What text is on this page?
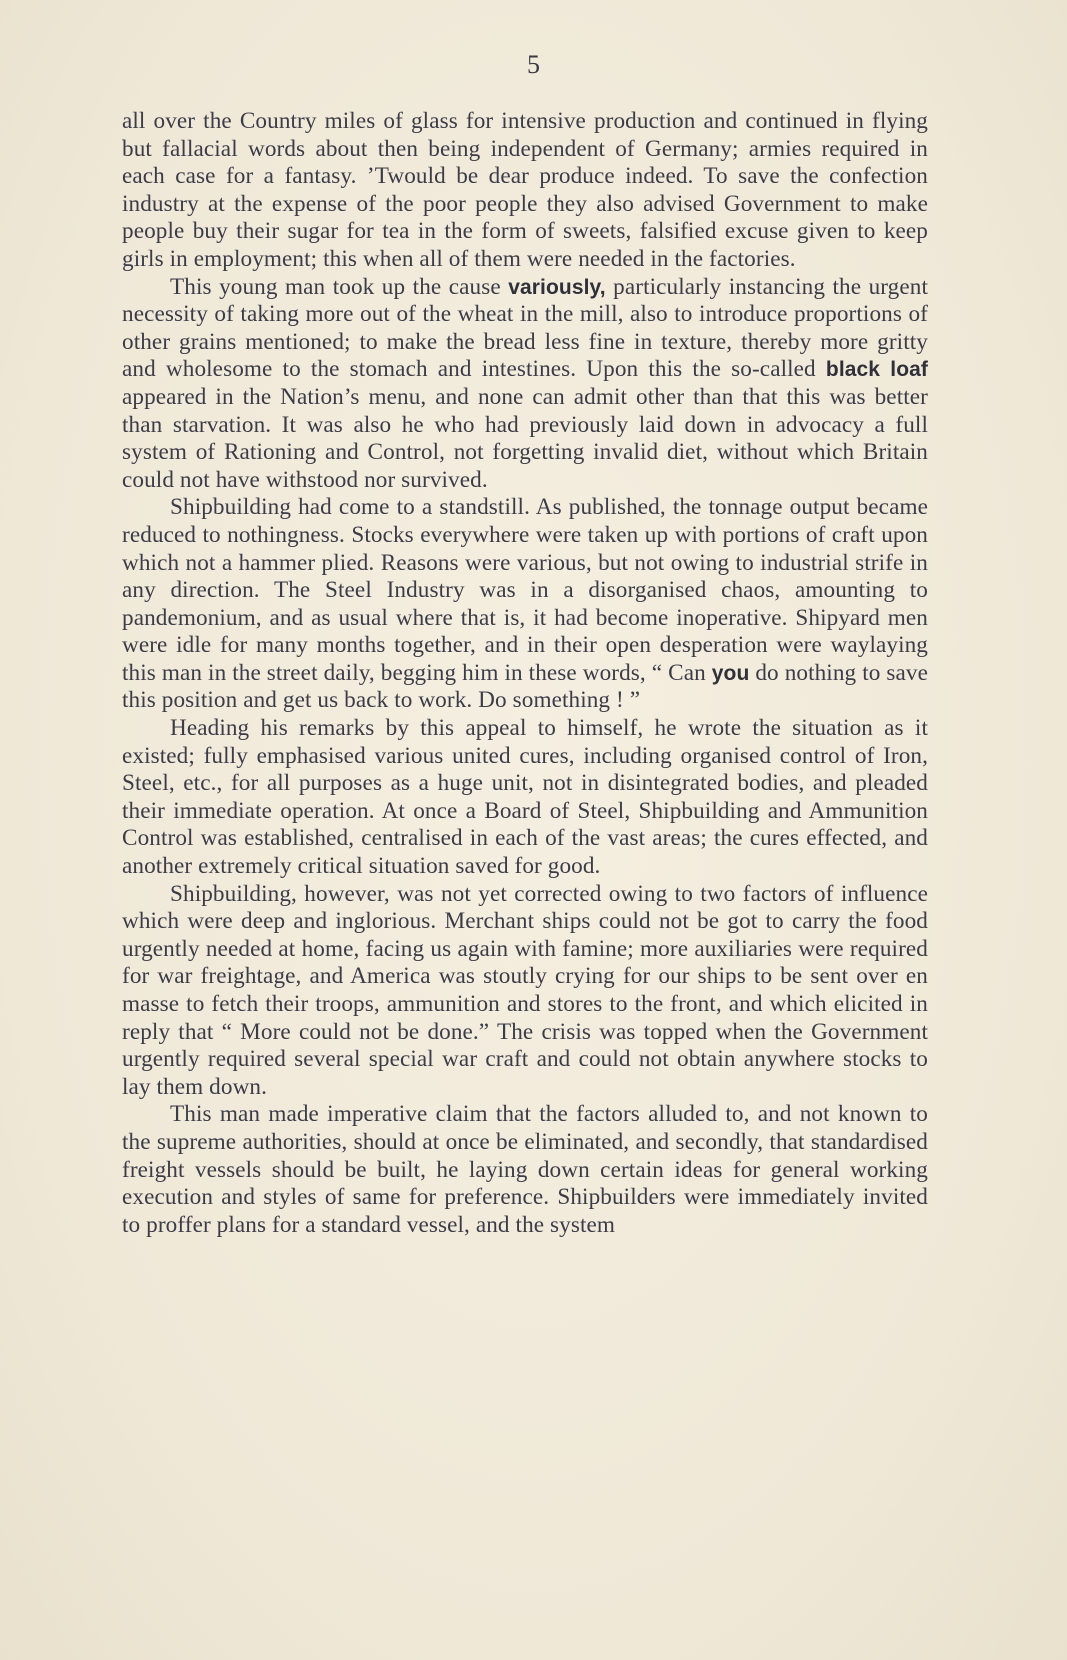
5

all over the Country miles of glass for intensive production and continued in flying but fallacial words about then being independent of Germany; armies required in each case for a fantasy. ’Twould be dear produce indeed. To save the confection industry at the expense of the poor people they also advised Government to make people buy their sugar for tea in the form of sweets, falsified excuse given to keep girls in employment; this when all of them were needed in the factories.

This young man took up the cause variously, particularly instancing the urgent necessity of taking more out of the wheat in the mill, also to introduce proportions of other grains mentioned; to make the bread less fine in texture, thereby more gritty and wholesome to the stomach and intestines. Upon this the so-called black loaf appeared in the Nation’s menu, and none can admit other than that this was better than starvation. It was also he who had previously laid down in advocacy a full system of Rationing and Control, not forgetting invalid diet, without which Britain could not have withstood nor survived.

Shipbuilding had come to a standstill. As published, the tonnage output became reduced to nothingness. Stocks everywhere were taken up with portions of craft upon which not a hammer plied. Reasons were various, but not owing to industrial strife in any direction. The Steel Industry was in a disorganised chaos, amounting to pandemonium, and as usual where that is, it had become inoperative. Shipyard men were idle for many months together, and in their open desperation were waylaying this man in the street daily, begging him in these words, “ Can you do nothing to save this position and get us back to work. Do something ! ”

Heading his remarks by this appeal to himself, he wrote the situation as it existed; fully emphasised various united cures, including organised control of Iron, Steel, etc., for all purposes as a huge unit, not in disintegrated bodies, and pleaded their immediate operation. At once a Board of Steel, Shipbuilding and Ammunition Control was established, centralised in each of the vast areas; the cures effected, and another extremely critical situation saved for good.

Shipbuilding, however, was not yet corrected owing to two factors of influence which were deep and inglorious. Merchant ships could not be got to carry the food urgently needed at home, facing us again with famine; more auxiliaries were required for war freightage, and America was stoutly crying for our ships to be sent over en masse to fetch their troops, ammunition and stores to the front, and which elicited in reply that “ More could not be done.” The crisis was topped when the Government urgently required several special war craft and could not obtain anywhere stocks to lay them down.

This man made imperative claim that the factors alluded to, and not known to the supreme authorities, should at once be eliminated, and secondly, that standardised freight vessels should be built, he laying down certain ideas for general working execution and styles of same for preference. Shipbuilders were immediately invited to proffer plans for a standard vessel, and the system
